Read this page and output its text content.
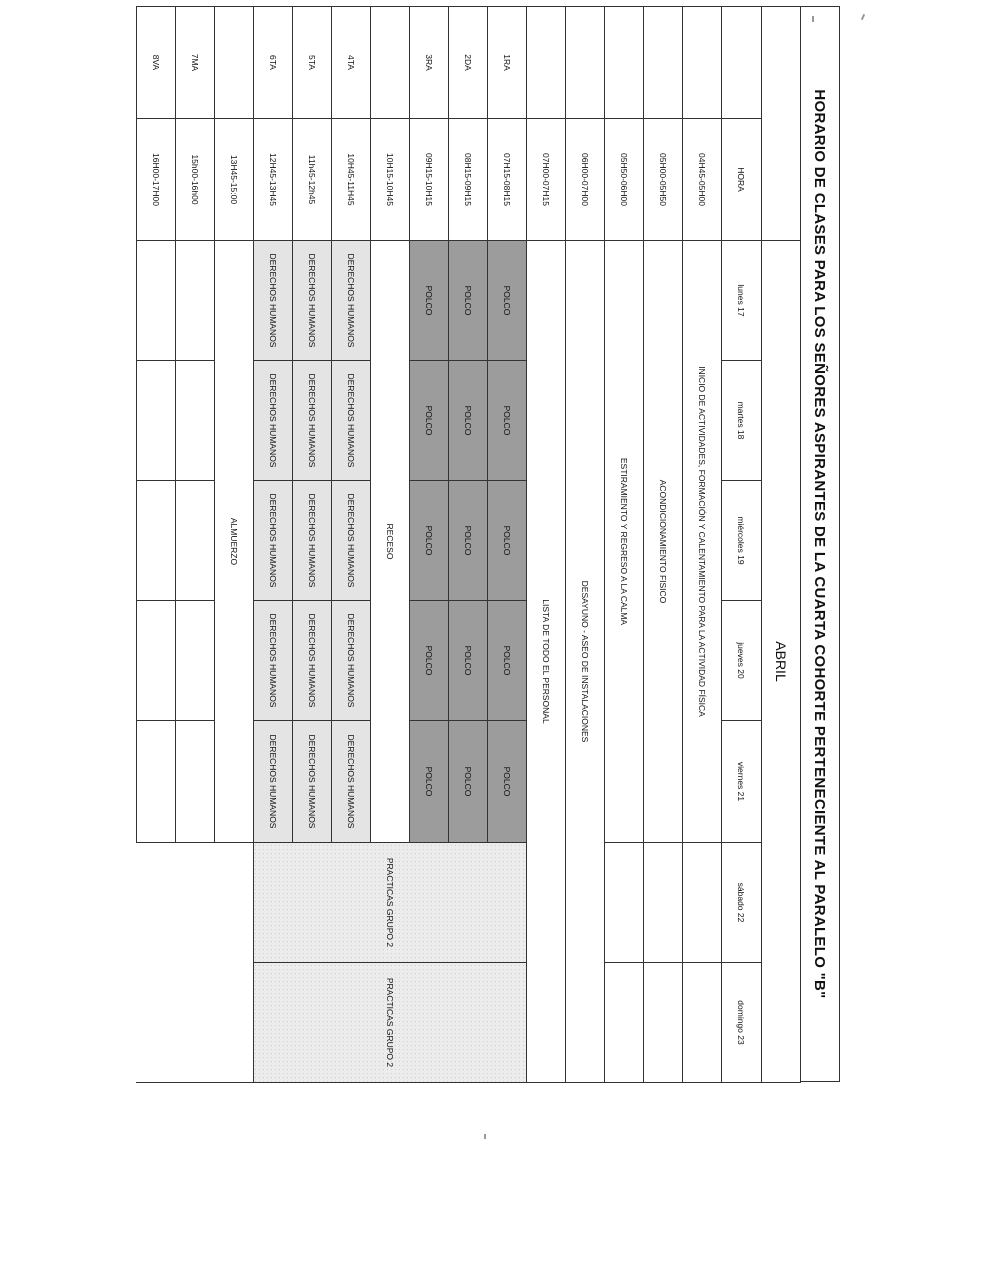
HORARIO DE CLASES PARA LOS SEÑORES ASPIRANTES DE LA CUARTA COHORTE PERTENECIENTE AL PARALELO "B"
		ABRIL							
	HORA	lunes 17	martes 18	miércoles 19	jueves 20	viernes 21	sábado 22	domingo 23	
	04H45-05H00	INICIO DE ACTIVIDADES, FORMACIÓN Y CALENTAMIENTO PARA LA ACTIVIDAD FÍSICA							
	05H00-05H50	ACONDICIONAMIENTO FISICO							
	05H50-06H00	ESTIRAMIENTO Y REGRESO A LA CALMA							
	06H00-07H00	DESAYUNO - ASEO DE INSTALACIONES							
	07H00-07H15	LISTA DE TODO EL PERSONAL							
1RA	07H15-08H15	POLCO	POLCO	POLCO	POLCO	POLCO	PRACTICAS GRUPO 2	PRACTICAS GRUPO 2	
2DA	08H15-09H15	POLCO	POLCO	POLCO	POLCO	POLCO			
3RA	09H15-10H15	POLCO	POLCO	POLCO	POLCO	POLCO			
	10H15-10H45	RECESO							
4TA	10H45-11H45	DERECHOS HUMANOS	DERECHOS HUMANOS	DERECHOS HUMANOS	DERECHOS HUMANOS	DERECHOS HUMANOS			
5TA	11h45-12h45	DERECHOS HUMANOS	DERECHOS HUMANOS	DERECHOS HUMANOS	DERECHOS HUMANOS	DERECHOS HUMANOS			
6TA	12H45-13H45	DERECHOS HUMANOS	DERECHOS HUMANOS	DERECHOS HUMANOS	DERECHOS HUMANOS	DERECHOS HUMANOS			
	13H45-15:00	ALMUERZO							
7MA	15h00-16h00								
8VA	16H00-17H00								
